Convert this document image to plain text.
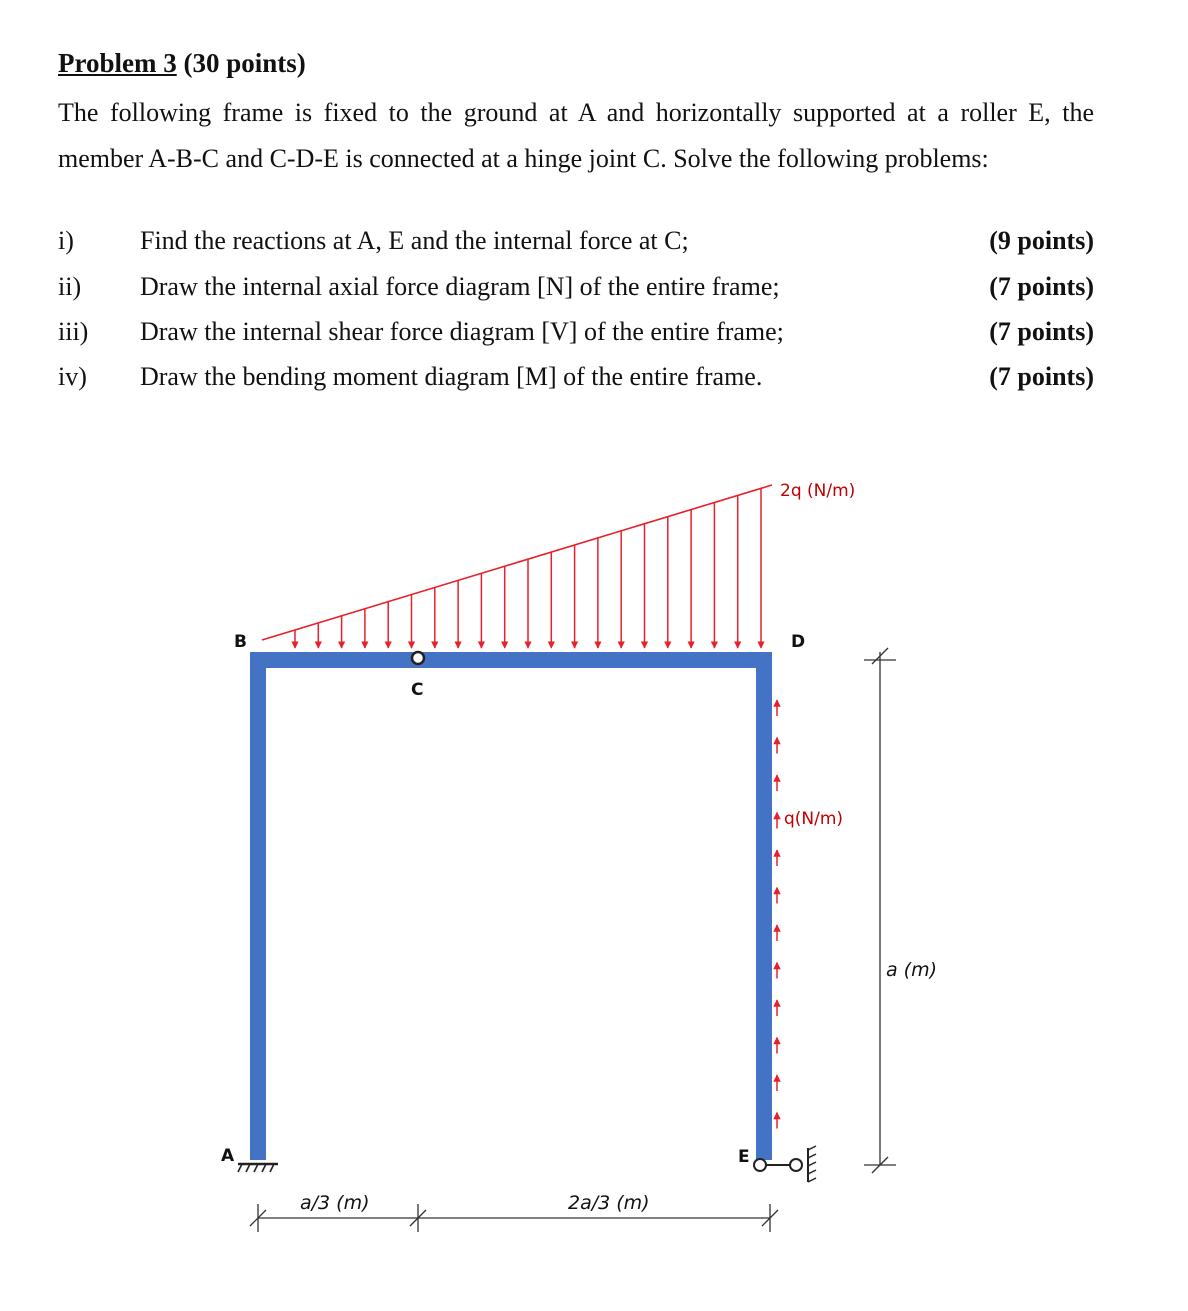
Problem 3 (30 points)
The following frame is fixed to the ground at A and horizontally supported at a roller E, the member A-B-C and C-D-E is connected at a hinge joint C. Solve the following problems:
i)	Find the reactions at A, E and the internal force at C;	(9 points)
ii) Draw the internal axial force diagram [N] of the entire frame;	(7 points)
iii) Draw the internal shear force diagram [V] of the entire frame;	(7 points)
iv) Draw the bending moment diagram [M] of the entire frame.	(7 points)
B
C
D
A	E
2q (N/m)
q(N/m)
a/3 (m)	2a/3 (m)
a (m)
